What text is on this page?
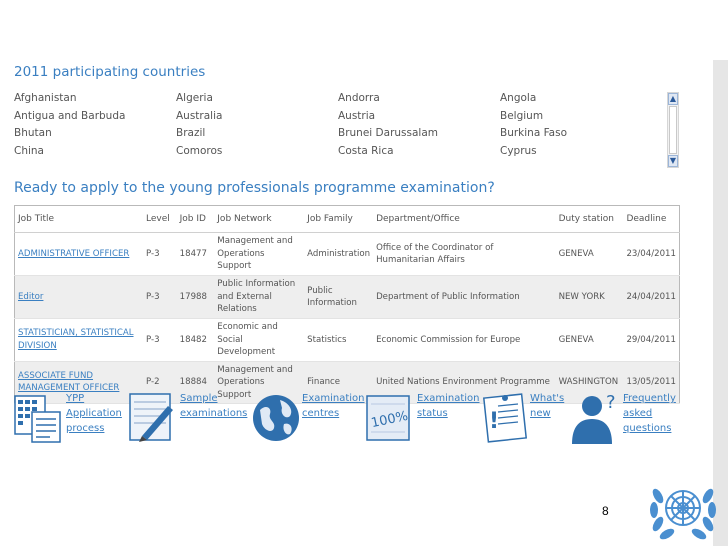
2011 participating countries
Afghanistan	Algeria	Andorra	Angola
Antigua and Barbuda	Australia	Austria	Belgium
Bhutan	Brazil	Brunei Darussalam	Burkina Faso
China	Comoros	Costa Rica	Cyprus
▲
▼
Ready to apply to the young professionals programme examination?
Job Title	Level	Job ID	Job Network	Job Family	Department/Office	Duty station	Deadline
ADMINISTRATIVE OFFICER	P-3	18477	Management and Operations Support	Administration	Office of the Coordinator of Humanitarian Affairs	GENEVA	23/04/2011
Editor	P-3	17988	Public Information and External Relations	Public Information	Department of Public Information	NEW YORK	24/04/2011
STATISTICIAN, STATISTICAL DIVISION	P-3	18482	Economic and Social Development	Statistics	Economic Commission for Europe	GENEVA	29/04/2011
ASSOCIATE FUND MANAGEMENT OFFICER	P-2	18884	Management and Operations Support	Finance	United Nations Environment Programme	WASHINGTON	13/05/2011
YPP
Application
process
Sample
examinations
Examination
centres 100%
Examination
status !
What's
new
? Frequently
asked
questions
8
